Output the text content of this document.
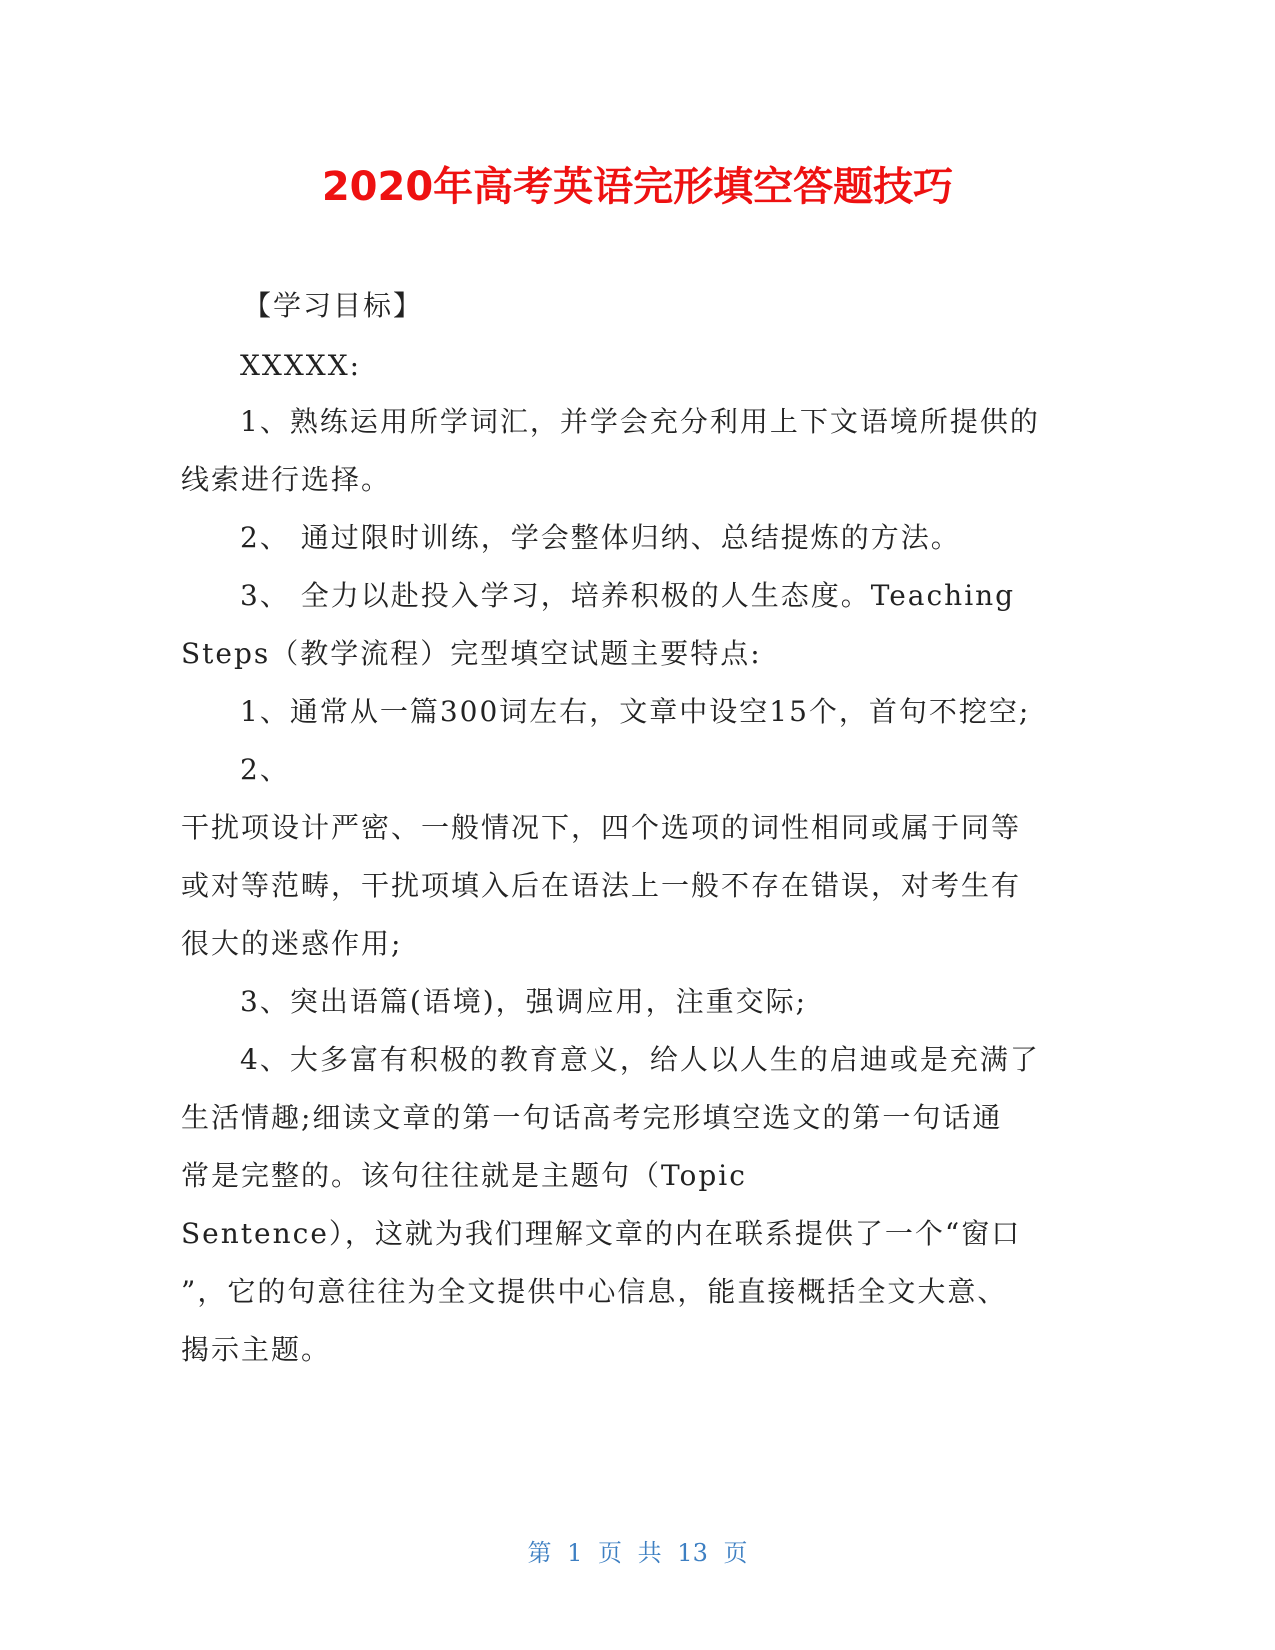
2020年高考英语完形填空答题技巧
【学习目标】
XXXXX:
1、熟练运用所学词汇，并学会充分利用上下文语境所提供的
线索进行选择。
2、 通过限时训练，学会整体归纳、总结提炼的方法。
3、 全力以赴投入学习，培养积极的人生态度。Teaching
Steps（教学流程）完型填空试题主要特点:
1、通常从一篇300词左右，文章中设空15个，首句不挖空;
2、
干扰项设计严密、一般情况下，四个选项的词性相同或属于同等
或对等范畴，干扰项填入后在语法上一般不存在错误，对考生有
很大的迷惑作用;
3、突出语篇(语境)，强调应用，注重交际;
4、大多富有积极的教育意义，给人以人生的启迪或是充满了
生活情趣;细读文章的第一句话高考完形填空选文的第一句话通
常是完整的。该句往往就是主题句（Topic
Sentence），这就为我们理解文章的内在联系提供了一个“窗口
”，它的句意往往为全文提供中心信息，能直接概括全文大意、
揭示主题。
第 1 页 共 13 页
